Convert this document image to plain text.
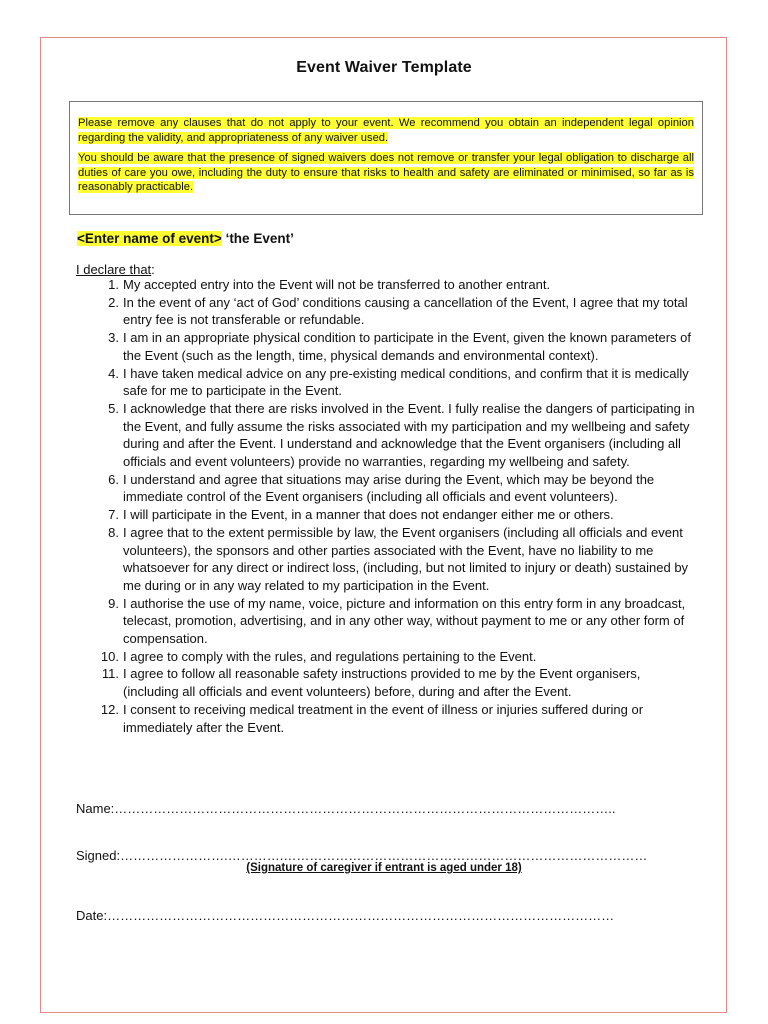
Event Waiver Template

Please remove any clauses that do not apply to your event. We recommend you obtain an independent legal opinion regarding the validity, and appropriateness of any waiver used.

You should be aware that the presence of signed waivers does not remove or transfer your legal obligation to discharge all duties of care you owe, including the duty to ensure that risks to health and safety are eliminated or minimised, so far as is reasonably practicable.

<Enter name of event> ‘the Event’
I declare that:
1. My accepted entry into the Event will not be transferred to another entrant.
2. In the event of any ‘act of God’ conditions causing a cancellation of the Event, I agree that my total entry fee is not transferable or refundable.
3. I am in an appropriate physical condition to participate in the Event, given the known parameters of the Event (such as the length, time, physical demands and environmental context).
4. I have taken medical advice on any pre-existing medical conditions, and confirm that it is medically safe for me to participate in the Event.
5. I acknowledge that there are risks involved in the Event. I fully realise the dangers of participating in the Event, and fully assume the risks associated with my participation and my wellbeing and safety during and after the Event. I understand and acknowledge that the Event organisers (including all officials and event volunteers) provide no warranties, regarding my wellbeing and safety.
6. I understand and agree that situations may arise during the Event, which may be beyond the immediate control of the Event organisers (including all officials and event volunteers).
7. I will participate in the Event, in a manner that does not endanger either me or others.
8. I agree that to the extent permissible by law, the Event organisers (including all officials and event volunteers), the sponsors and other parties associated with the Event, have no liability to me whatsoever for any direct or indirect loss, (including, but not limited to injury or death) sustained by me during or in any way related to my participation in the Event.
9. I authorise the use of my name, voice, picture and information on this entry form in any broadcast, telecast, promotion, advertising, and in any other way, without payment to me or any other form of compensation.
10. I agree to comply with the rules, and regulations pertaining to the Event.
11. I agree to follow all reasonable safety instructions provided to me by the Event organisers, (including all officials and event volunteers) before, during and after the Event.
12. I consent to receiving medical treatment in the event of illness or injuries suffered during or immediately after the Event.
Name:……………………………………………………………………………………………………..
Signed:…………………….………….…………………………………………………………………………
(Signature of caregiver if entrant is aged under 18)
Date:………………………………………………………………………………………………………
